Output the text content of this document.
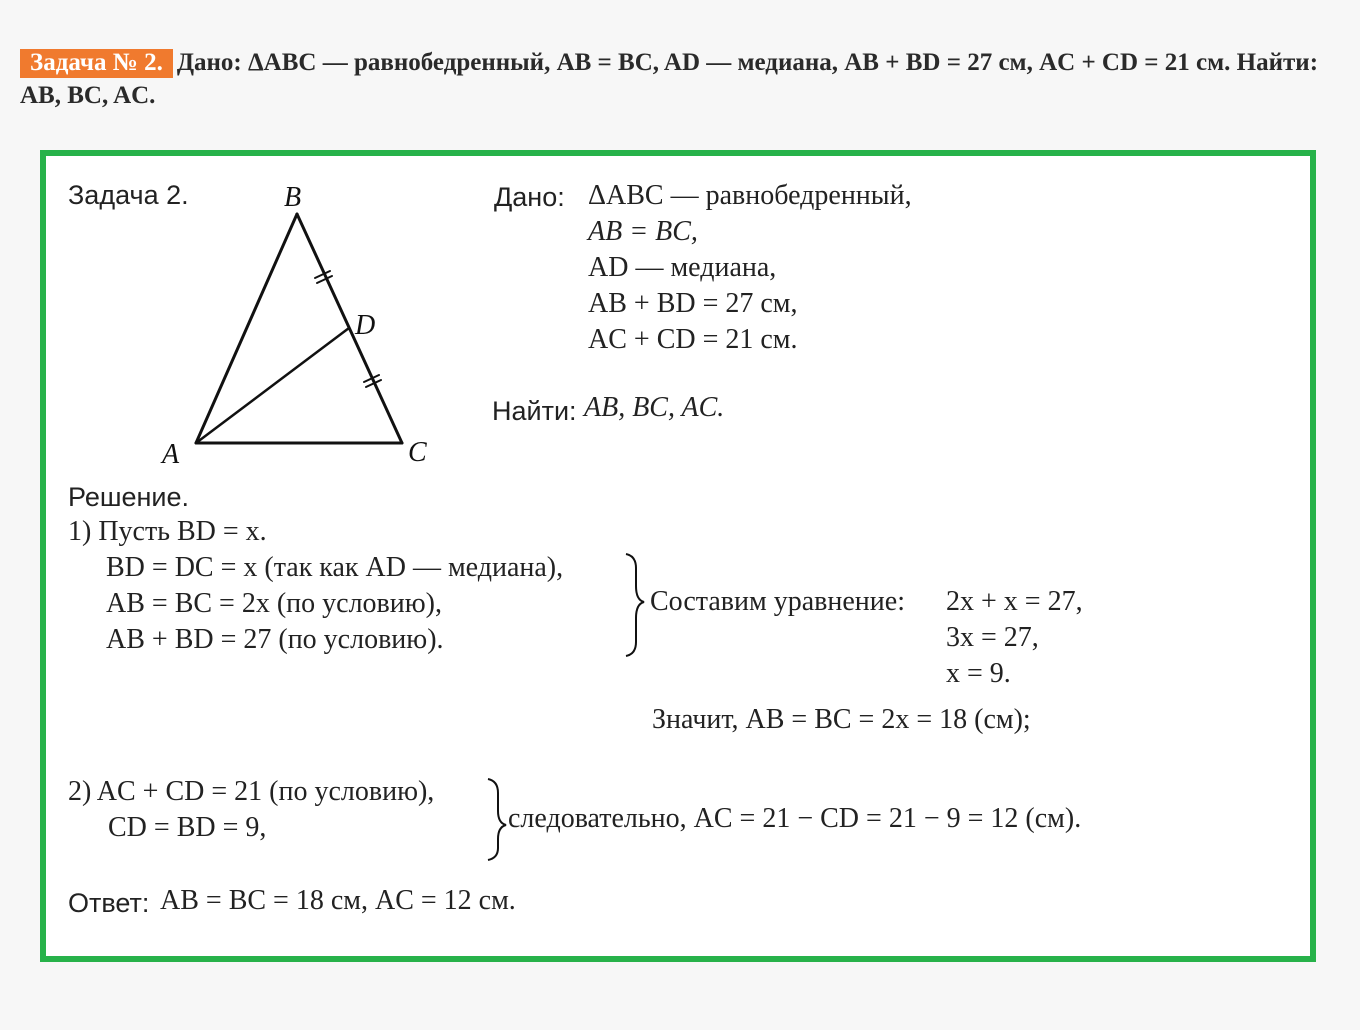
Задача № 2. Дано: ΔABC — равнобедренный, AB = BC, AD — медиана, AB + BD = 27 см, AC + CD = 21 см. Найти: AB, BC, AC.
Задача 2.	B
A	C
D
Дано: ΔABC — равнобедренный,
AB = BC,
AD — медиана,
AB + BD = 27 см,
AC + CD = 21 см.
Найти: AB, BC, AC.
Решение.
1) Пусть BD = x.
BD = DC = x (так как AD — медиана),
AB = BC = 2x (по условию),
AB + BD = 27 (по условию).
Составим уравнение: 2x + x = 27,
3x = 27,
x = 9.
Значит, AB = BC = 2x = 18 (см);
2) AC + CD = 21 (по условию),
CD = BD = 9,	следовательно, AC = 21 − CD = 21 − 9 = 12 (см).
Ответ: AB = BC = 18 см, AC = 12 см.
